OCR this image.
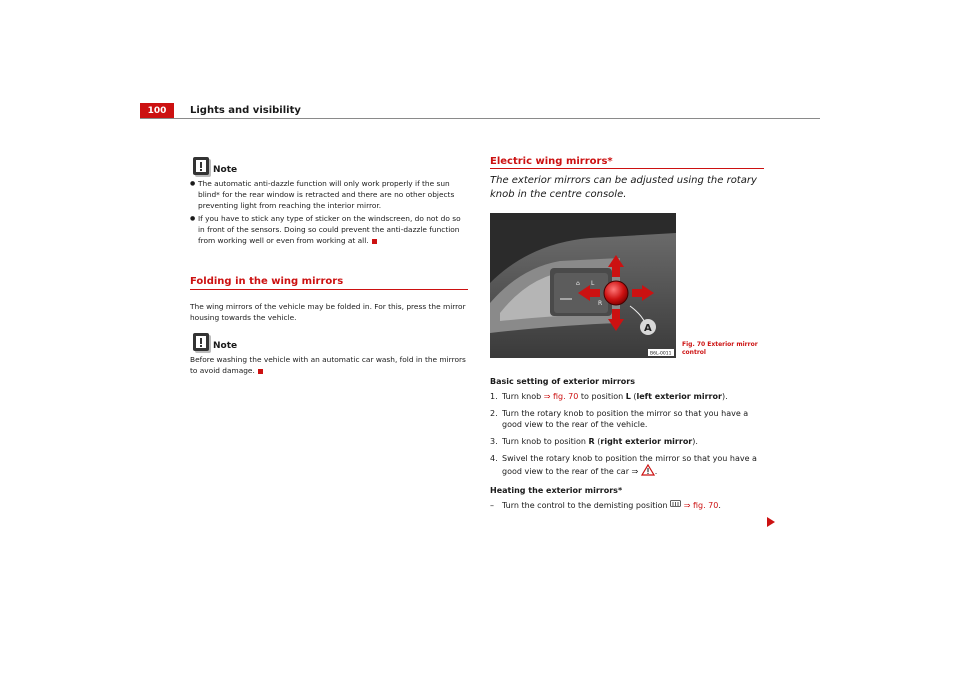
100	Lights and visibility
Note
● The automatic anti-dazzle function will only work properly if the sun blind* for the rear window is retracted and there are no other objects preventing light from reaching the interior mirror.
● If you have to stick any type of sticker on the windscreen, do not do so in front of the sensors. Doing so could prevent the anti-dazzle function from working well or even from working at all.
Folding in the wing mirrors
The wing mirrors of the vehicle may be folded in. For this, press the mirror housing towards the vehicle.
Note
Before washing the vehicle with an automatic car wash, fold in the mirrors to avoid damage.
Electric wing mirrors*
The exterior mirrors can be adjusted using the rotary knob in the centre console.
⌂ L
R
A
B6L-0011
Fig. 70 Exterior mirror control

Basic setting of exterior mirrors

1. Turn knob ⇒ fig. 70 to position L (left exterior mirror).

2. Turn the rotary knob to position the mirror so that you have a good view to the rear of the vehicle.

3. Turn knob to position R (right exterior mirror).

4. Swivel the rotary knob to position the mirror so that you have a good view to the rear of the car ⇒ .

Heating the exterior mirrors*

– Turn the control to the demisting position ⇒ fig. 70.
